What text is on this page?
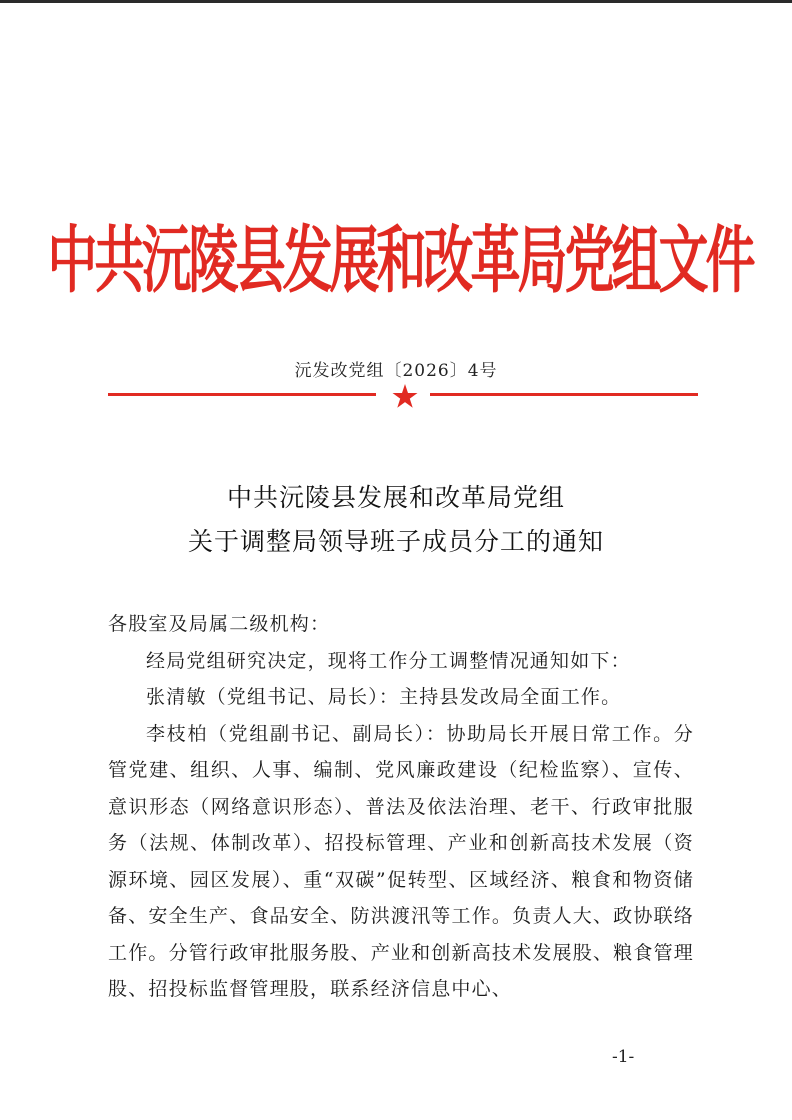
中共沅陵县发展和改革局党组文件
沅发改党组〔2026〕4号
中共沅陵县发展和改革局党组
关于调整局领导班子成员分工的通知

各股室及局属二级机构：

经局党组研究决定，现将工作分工调整情况通知如下：

张清敏（党组书记、局长）：主持县发改局全面工作。

李枝柏（党组副书记、副局长）：协助局长开展日常工作。分管党建、组织、人事、编制、党风廉政建设（纪检监察）、宣传、意识形态（网络意识形态）、普法及依法治理、老干、行政审批服务（法规、体制改革）、招投标管理、产业和创新高技术发展（资源环境、园区发展）、重“双碳”促转型、区域经济、粮食和物资储备、安全生产、食品安全、防洪渡汛等工作。负责人大、政协联络工作。分管行政审批服务股、产业和创新高技术发展股、粮食管理股、招投标监督管理股，联系经济信息中心、

-1-
